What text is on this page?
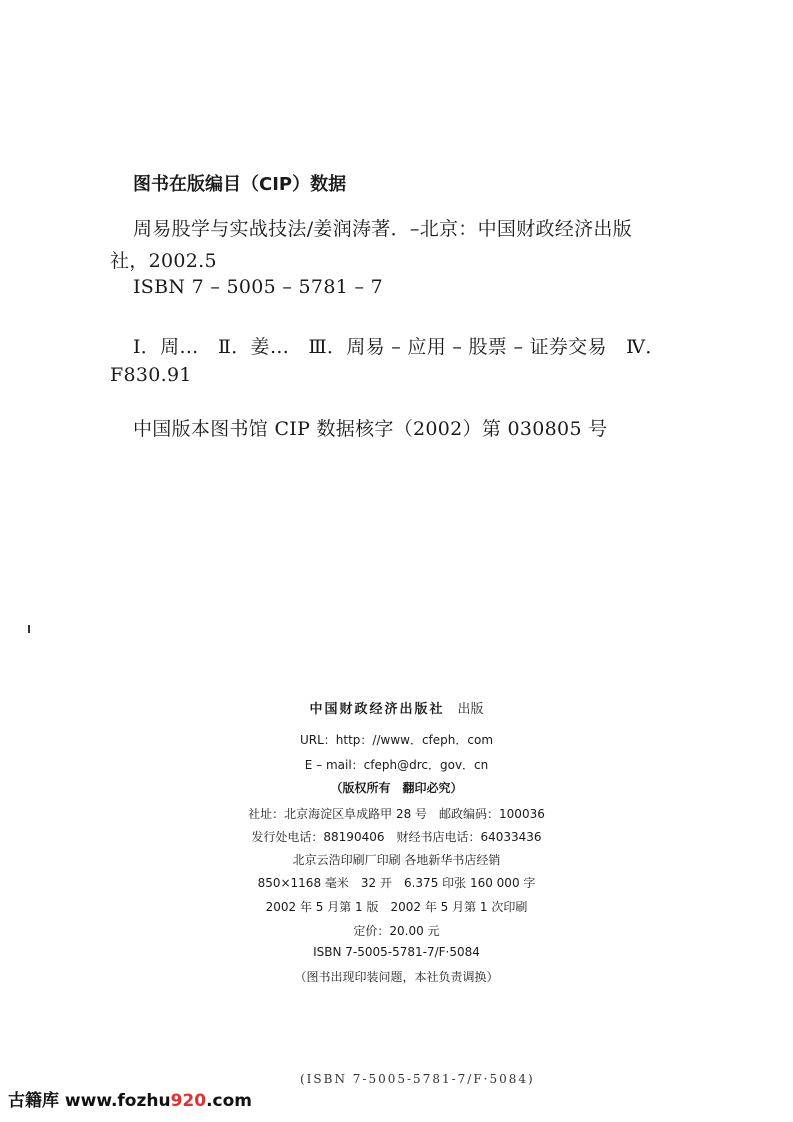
图书在版编目（CIP）数据
周易股学与实战技法/姜润涛著．–北京：中国财政经济出版
社，2002.5
ISBN 7 – 5005 – 5781 – 7
Ⅰ．周…　Ⅱ．姜…　Ⅲ．周易 – 应用 – 股票 – 证券交易　Ⅳ．
F830.91
中国版本图书馆 CIP 数据核字（2002）第 030805 号
中国财政经济出版社 出版
URL：http：//www．cfeph．com
E – mail：cfeph@drc．gov．cn
（版权所有　翻印必究）
社址：北京海淀区阜成路甲 28 号　邮政编码：100036
发行处电话：88190406　财经书店电话：64033436
北京云浩印刷厂印刷 各地新华书店经销
850×1168 毫米　32 开　6.375 印张 160 000 字
2002 年 5 月第 1 版　2002 年 5 月第 1 次印刷
定价：20.00 元
ISBN 7-5005-5781-7/F·5084
（图书出现印装问题，本社负责调换）
(ISBN 7-5005-5781-7/F·5084)
古籍库 www.fozhu920.com
